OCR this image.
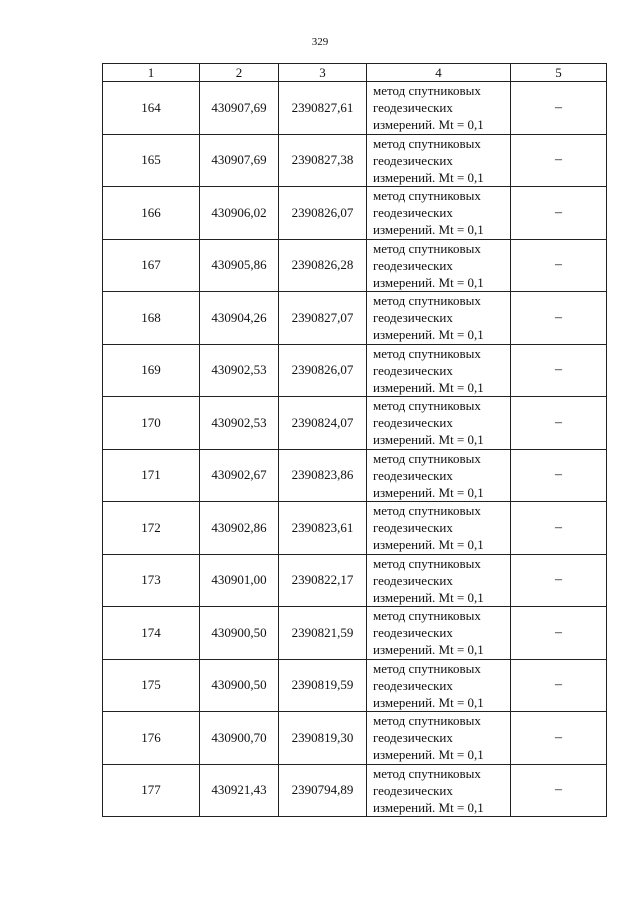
329
1	2	3	4	5
164	430907,69	2390827,61	метод спутниковых
геодезических
измерений. Mt = 0,1	–
165	430907,69	2390827,38	метод спутниковых
геодезических
измерений. Mt = 0,1	–
166	430906,02	2390826,07	метод спутниковых
геодезических
измерений. Mt = 0,1	–
167	430905,86	2390826,28	метод спутниковых
геодезических
измерений. Mt = 0,1	–
168	430904,26	2390827,07	метод спутниковых
геодезических
измерений. Mt = 0,1	–
169	430902,53	2390826,07	метод спутниковых
геодезических
измерений. Mt = 0,1	–
170	430902,53	2390824,07	метод спутниковых
геодезических
измерений. Mt = 0,1	–
171	430902,67	2390823,86	метод спутниковых
геодезических
измерений. Mt = 0,1	–
172	430902,86	2390823,61	метод спутниковых
геодезических
измерений. Mt = 0,1	–
173	430901,00	2390822,17	метод спутниковых
геодезических
измерений. Mt = 0,1	–
174	430900,50	2390821,59	метод спутниковых
геодезических
измерений. Mt = 0,1	–
175	430900,50	2390819,59	метод спутниковых
геодезических
измерений. Mt = 0,1	–
176	430900,70	2390819,30	метод спутниковых
геодезических
измерений. Mt = 0,1	–
177	430921,43	2390794,89	метод спутниковых
геодезических
измерений. Mt = 0,1	–
